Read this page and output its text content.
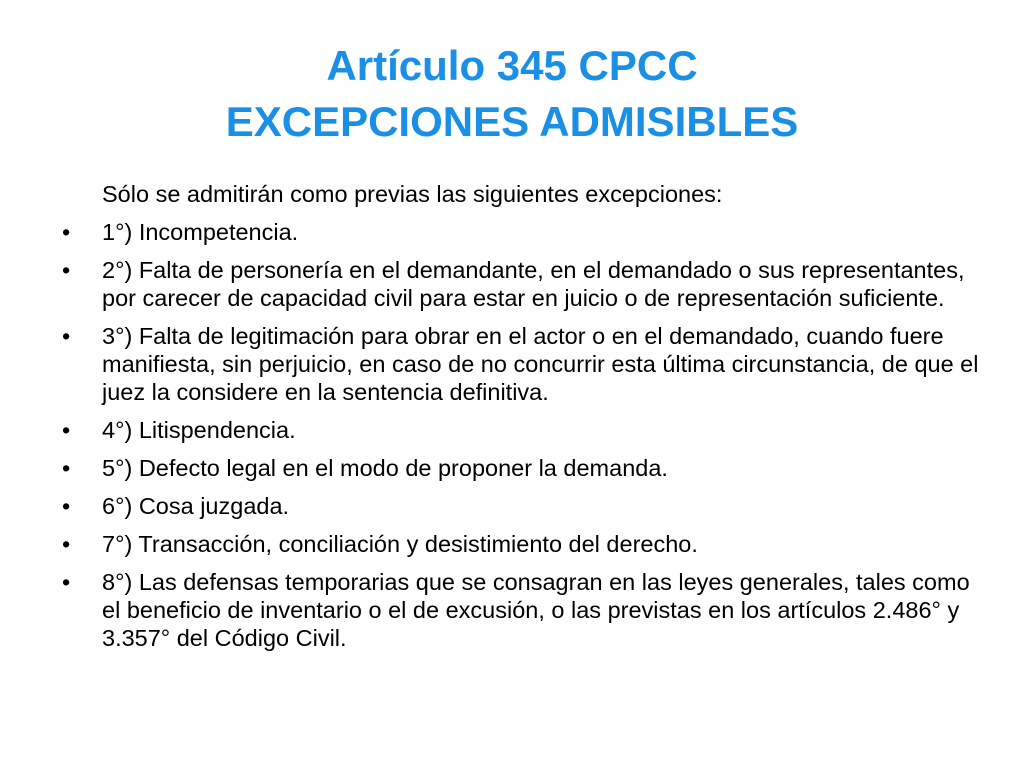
Artículo 345 CPCC
EXCEPCIONES ADMISIBLES

Sólo se admitirán como previas las siguientes excepciones:

• 1°) Incompetencia.
• 2°) Falta de personería en el demandante, en el demandado o sus representantes, por carecer de capacidad civil para estar en juicio o de representación suficiente.
• 3°) Falta de legitimación para obrar en el actor o en el demandado, cuando fuere manifiesta, sin perjuicio, en caso de no concurrir esta última circunstancia, de que el juez la considere en la sentencia definitiva.
• 4°) Litispendencia.
• 5°) Defecto legal en el modo de proponer la demanda.
• 6°) Cosa juzgada.
• 7°) Transacción, conciliación y desistimiento del derecho.
• 8°) Las defensas temporarias que se consagran en las leyes generales, tales como el beneficio de inventario o el de excusión, o las previstas en los artículos 2.486° y 3.357° del Código Civil.
